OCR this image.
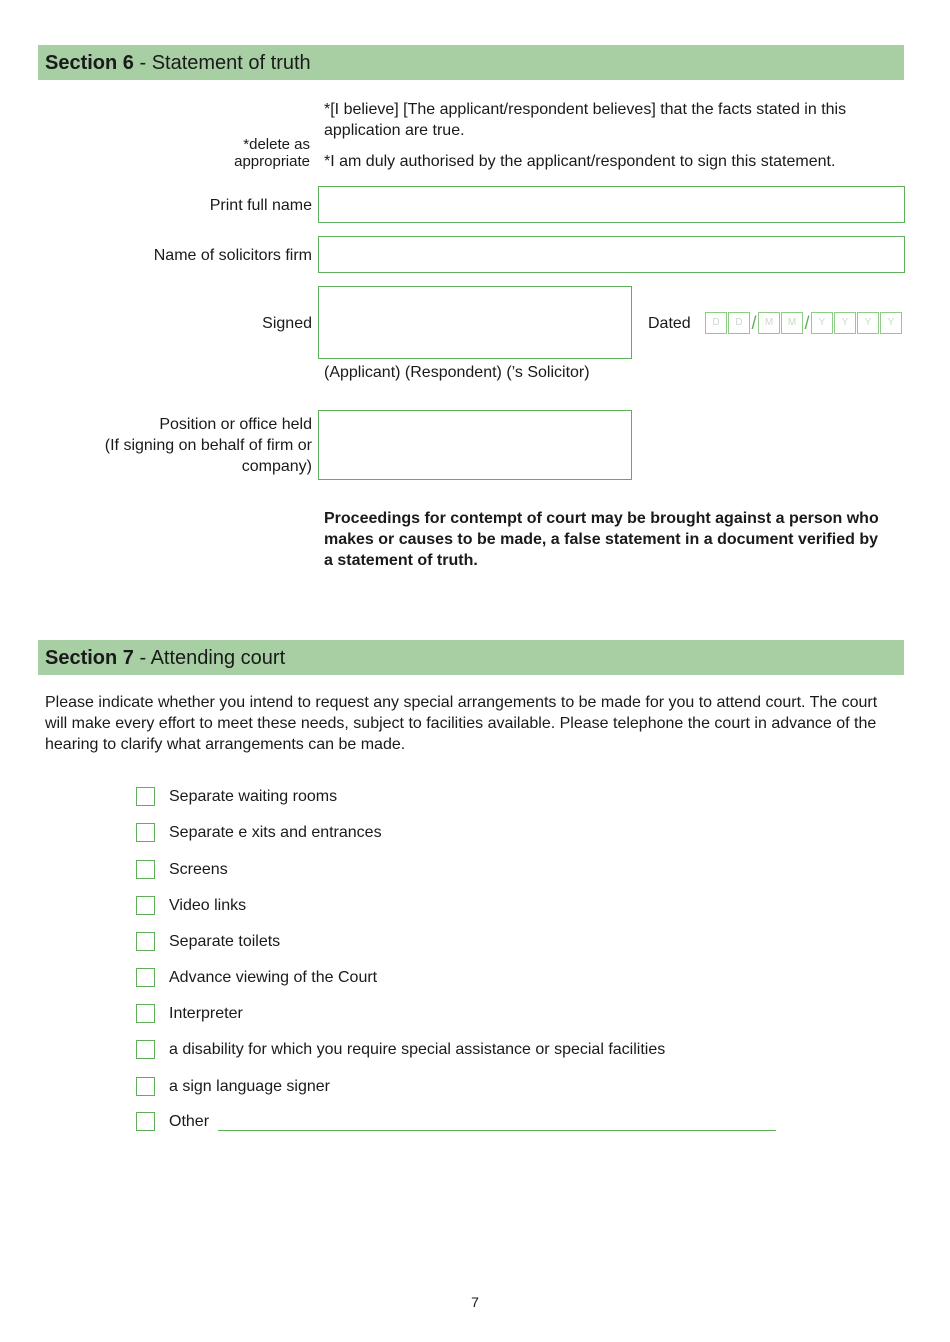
Section 6 - Statement of truth
*[I believe] [The applicant/respondent believes] that the facts stated in this
application are true.
*delete as
appropriate *I am duly authorised by the applicant/respondent to sign this statement.
Print full name
Name of solicitors firm
Signed	Dated	D	D / M	M / Y	Y	Y	Y
(Applicant) (Respondent) (’s Solicitor)
Position or office held
(If signing on behalf of firm or
company)
Proceedings for contempt of court may be brought against a person who
makes or causes to be made, a false statement in a document verified by
a statement of truth.
Section 7 - Attending court
Please indicate whether you intend to request any special arrangements to be made for you to attend court. The court
will make every effort to meet these needs, subject to facilities available. Please telephone the court in advance of the
hearing to clarify what arrangements can be made.
Separate waiting rooms
Separate e xits and entrances
Screens
Video links
Separate toilets
Advance viewing of the Court
Interpreter
a disability for which you require special assistance or special facilities
a sign language signer
Other
7
